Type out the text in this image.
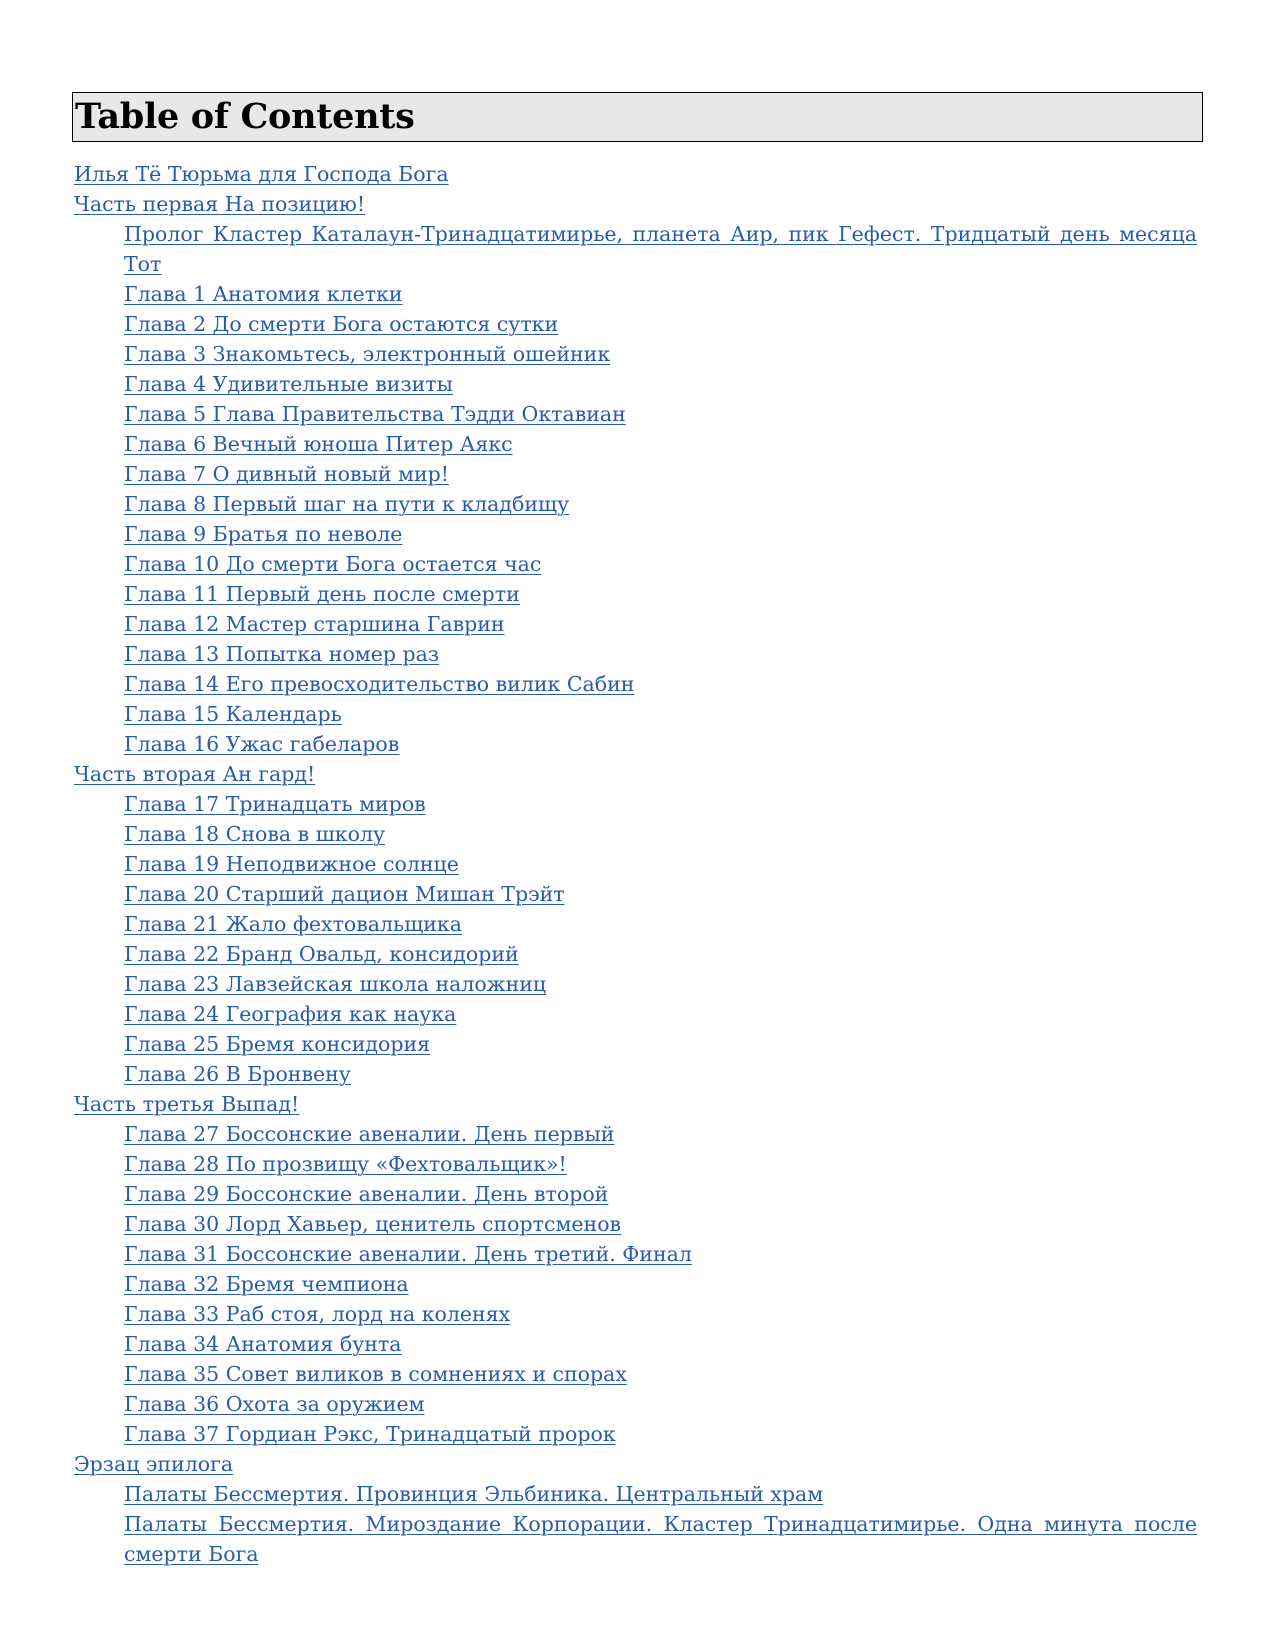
Table of Contents
Илья Тё Тюрьма для Господа Бога
Часть первая На позицию!
Пролог Кластер Каталаун-Тринадцатимирье, планета Аир, пик Гефест. Тридцатый день месяца Тот
Глава 1 Анатомия клетки
Глава 2 До смерти Бога остаются сутки
Глава 3 Знакомьтесь, электронный ошейник
Глава 4 Удивительные визиты
Глава 5 Глава Правительства Тэдди Октавиан
Глава 6 Вечный юноша Питер Аякс
Глава 7 О дивный новый мир!
Глава 8 Первый шаг на пути к кладбищу
Глава 9 Братья по неволе
Глава 10 До смерти Бога остается час
Глава 11 Первый день после смерти
Глава 12 Мастер старшина Гаврин
Глава 13 Попытка номер раз
Глава 14 Его превосходительство вилик Сабин
Глава 15 Календарь
Глава 16 Ужас габеларов
Часть вторая Ан гард!
Глава 17 Тринадцать миров
Глава 18 Снова в школу
Глава 19 Неподвижное солнце
Глава 20 Старший дацион Мишан Трэйт
Глава 21 Жало фехтовальщика
Глава 22 Бранд Овальд, консидорий
Глава 23 Лавзейская школа наложниц
Глава 24 География как наука
Глава 25 Бремя консидория
Глава 26 В Бронвену
Часть третья Выпад!
Глава 27 Боссонские авеналии. День первый
Глава 28 По прозвищу «Фехтовальщик»!
Глава 29 Боссонские авеналии. День второй
Глава 30 Лорд Хавьер, ценитель спортсменов
Глава 31 Боссонские авеналии. День третий. Финал
Глава 32 Бремя чемпиона
Глава 33 Раб стоя, лорд на коленях
Глава 34 Анатомия бунта
Глава 35 Совет виликов в сомнениях и спорах
Глава 36 Охота за оружием
Глава 37 Гордиан Рэкс, Тринадцатый пророк
Эрзац эпилога
Палаты Бессмертия. Провинция Эльбиника. Центральный храм
Палаты Бессмертия. Мироздание Корпорации. Кластер Тринадцатимирье. Одна минута после смерти Бога
